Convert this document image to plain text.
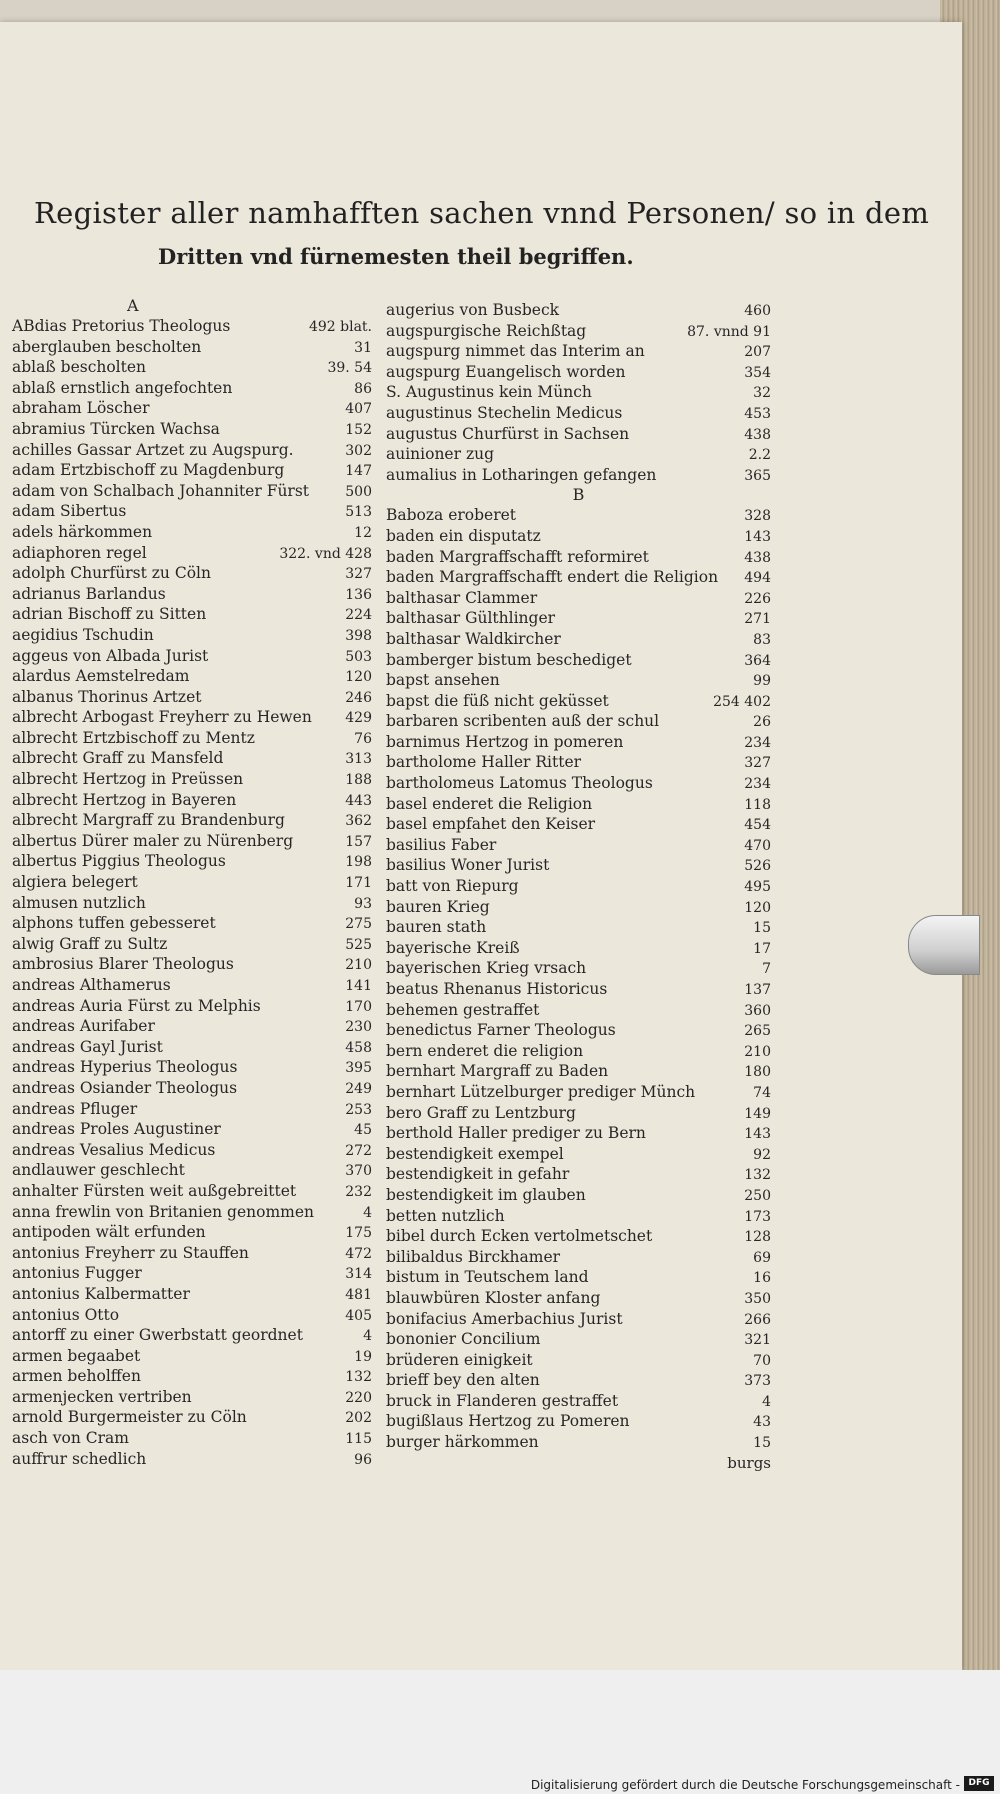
Register aller namhafften sachen vnnd Personen/ so in dem
Dritten vnd fürnemesten theil begriffen.
A
ABdias Pretorius Theologus	492 blat.
aberglauben bescholten	31
ablaß bescholten	39. 54
ablaß ernstlich angefochten	86
abraham Löscher	407
abramius Türcken Wachsa	152
achilles Gassar Artzet zu Augspurg.	302
adam Ertzbischoff zu Magdenburg	147
adam von Schalbach Johanniter Fürst	500
adam Sibertus	513
adels härkommen	12
adiaphoren regel	322. vnd 428
adolph Churfürst zu Cöln	327
adrianus Barlandus	136
adrian Bischoff zu Sitten	224
aegidius Tschudin	398
aggeus von Albada Jurist	503
alardus Aemstelredam	120
albanus Thorinus Artzet	246
albrecht Arbogast Freyherr zu Hewen	429
albrecht Ertzbischoff zu Mentz	76
albrecht Graff zu Mansfeld	313
albrecht Hertzog in Preüssen	188
albrecht Hertzog in Bayeren	443
albrecht Margraff zu Brandenburg	362
albertus Dürer maler zu Nürenberg	157
albertus Piggius Theologus	198
algiera belegert	171
almusen nutzlich	93
alphons tuffen gebesseret	275
alwig Graff zu Sultz	525
ambrosius Blarer Theologus	210
andreas Althamerus	141
andreas Auria Fürst zu Melphis	170
andreas Aurifaber	230
andreas Gayl Jurist	458
andreas Hyperius Theologus	395
andreas Osiander Theologus	249
andreas Pfluger	253
andreas Proles Augustiner	45
andreas Vesalius Medicus	272
andlauwer geschlecht	370
anhalter Fürsten weit außgebreittet	232
anna frewlin von Britanien genommen	4
antipoden wält erfunden	175
antonius Freyherr zu Stauffen	472
antonius Fugger	314
antonius Kalbermatter	481
antonius Otto	405
antorff zu einer Gwerbstatt geordnet	4
armen begaabet	19
armen beholffen	132
armenjecken vertriben	220
arnold Burgermeister zu Cöln	202
asch von Cram	115
auffrur schedlich	96
augerius von Busbeck	460
augspurgische Reichßtag	87. vnnd 91
augspurg nimmet das Interim an	207
augspurg Euangelisch worden	354
S. Augustinus kein Münch	32
augustinus Stechelin Medicus	453
augustus Churfürst in Sachsen	438
auinioner zug	2.2
aumalius in Lotharingen gefangen	365
B
Baboza eroberet	328
baden ein disputatz	143
baden Margraffschafft reformiret	438
baden Margraffschafft endert die Religion	494
balthasar Clammer	226
balthasar Gülthlinger	271
balthasar Waldkircher	83
bamberger bistum beschediget	364
bapst ansehen	99
bapst die füß nicht geküsset	254 402
barbaren scribenten auß der schul	26
barnimus Hertzog in pomeren	234
bartholome Haller Ritter	327
bartholomeus Latomus Theologus	234
basel enderet die Religion	118
basel empfahet den Keiser	454
basilius Faber	470
basilius Woner Jurist	526
batt von Riepurg	495
bauren Krieg	120
bauren stath	15
bayerische Kreiß	17
bayerischen Krieg vrsach	7
beatus Rhenanus Historicus	137
behemen gestraffet	360
benedictus Farner Theologus	265
bern enderet die religion	210
bernhart Margraff zu Baden	180
bernhart Lützelburger prediger Münch	74
bero Graff zu Lentzburg	149
berthold Haller prediger zu Bern	143
bestendigkeit exempel	92
bestendigkeit in gefahr	132
bestendigkeit im glauben	250
betten nutzlich	173
bibel durch Ecken vertolmetschet	128
bilibaldus Birckhamer	69
bistum in Teutschem land	16
blauwbüren Kloster anfang	350
bonifacius Amerbachius Jurist	266
bononier Concilium	321
brüderen einigkeit	70
brieff bey den alten	373
bruck in Flanderen gestraffet	4
bugißlaus Hertzog zu Pomeren	43
burger härkommen	15
burgs
Digitalisierung gefördert durch die Deutsche Forschungsgemeinschaft - DFG
